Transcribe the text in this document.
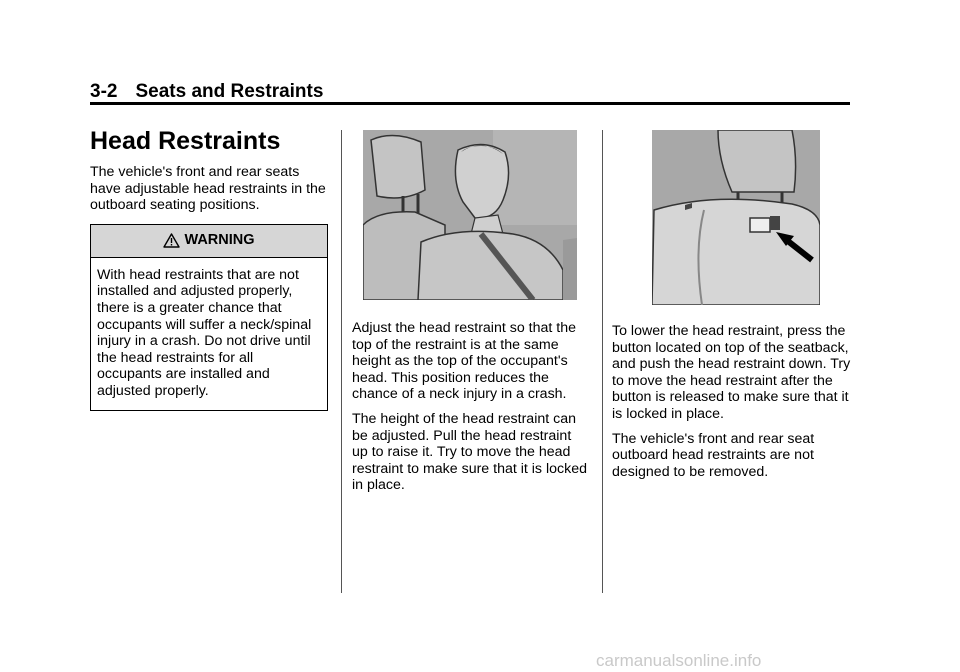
3-2 Seats and Restraints
Head Restraints

The vehicle's front and rear seats have adjustable head restraints in the outboard seating positions.

WARNING
With head restraints that are not installed and adjusted properly, there is a greater chance that occupants will suffer a neck/spinal injury in a crash. Do not drive until the head restraints for all occupants are installed and adjusted properly.

Adjust the head restraint so that the top of the restraint is at the same height as the top of the occupant's head. This position reduces the chance of a neck injury in a crash.

The height of the head restraint can be adjusted. Pull the head restraint up to raise it. Try to move the head restraint to make sure that it is locked in place.

To lower the head restraint, press the button located on top of the seatback, and push the head restraint down. Try to move the head restraint after the button is released to make sure that it is locked in place.

The vehicle's front and rear seat outboard head restraints are not designed to be removed.

carmanualsonline.info
